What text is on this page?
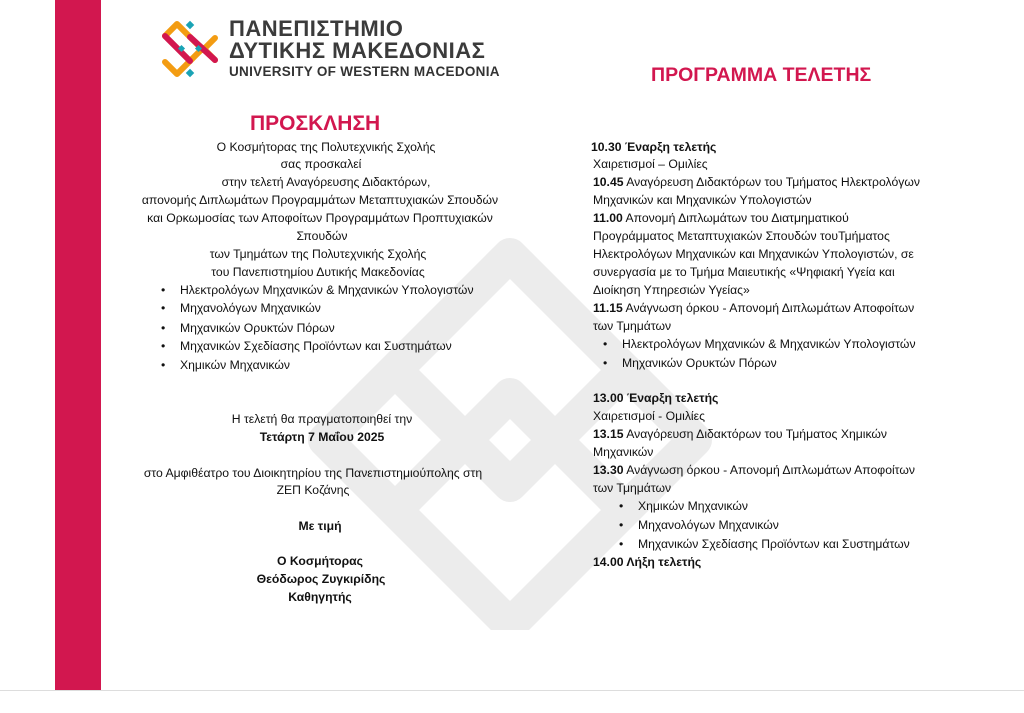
ΠΑΝΕΠΙΣΤΗΜΙΟ
ΔΥΤΙΚΗΣ ΜΑΚΕΔΟΝΙΑΣ
UNIVERSITY OF WESTERN MACEDONIA	ΠΡΟΓΡΑΜΜΑ ΤΕΛΕΤΗΣ
ΠΡΟΣΚΛΗΣΗ
Ο Κοσμήτορας της Πολυτεχνικής Σχολής
σας προσκαλεί
στην τελετή Αναγόρευσης Διδακτόρων,
απονομής Διπλωμάτων Προγραμμάτων Μεταπτυχιακών Σπουδών
και Ορκωμοσίας των Αποφοίτων Προγραμμάτων Προπτυχιακών
Σπουδών
των Τμημάτων της Πολυτεχνικής Σχολής
του Πανεπιστημίου Δυτικής Μακεδονίας
• Ηλεκτρολόγων Μηχανικών & Μηχανικών Υπολογιστών
• Μηχανολόγων Μηχανικών
• Μηχανικών Ορυκτών Πόρων
• Μηχανικών Σχεδίασης Προϊόντων και Συστημάτων
• Χημικών Μηχανικών
Η τελετή θα πραγματοποιηθεί την
Τετάρτη 7 Μαΐου 2025
στο Αμφιθέατρο του Διοικητηρίου της Πανεπιστημιούπολης στη
ΖΕΠ Κοζάνης
Με τιμή
Ο Κοσμήτορας
Θεόδωρος Ζυγκιρίδης
Καθηγητής
10.30 Έναρξη τελετής
Χαιρετισμοί – Ομιλίες
10.45 Αναγόρευση Διδακτόρων του Τμήματος Ηλεκτρολόγων
Μηχανικών και Μηχανικών Υπολογιστών
11.00 Απονομή Διπλωμάτων του Διατμηματικού
Προγράμματος Μεταπτυχιακών Σπουδών τουΤμήματος
Ηλεκτρολόγων Μηχανικών και Μηχανικών Υπολογιστών, σε
συνεργασία με το Τμήμα Μαιευτικής «Ψηφιακή Υγεία και
Διοίκηση Υπηρεσιών Υγείας»
11.15 Ανάγνωση όρκου - Απονομή Διπλωμάτων Αποφοίτων
των Τμημάτων
• Ηλεκτρολόγων Μηχανικών & Μηχανικών Υπολογιστών
• Μηχανικών Ορυκτών Πόρων
13.00 Έναρξη τελετής
Χαιρετισμοί - Ομιλίες
13.15 Αναγόρευση Διδακτόρων του Τμήματος Χημικών
Μηχανικών
13.30 Ανάγνωση όρκου - Απονομή Διπλωμάτων Αποφοίτων
των Τμημάτων
• Χημικών Μηχανικών
• Μηχανολόγων Μηχανικών
• Μηχανικών Σχεδίασης Προϊόντων και Συστημάτων
14.00 Λήξη τελετής
